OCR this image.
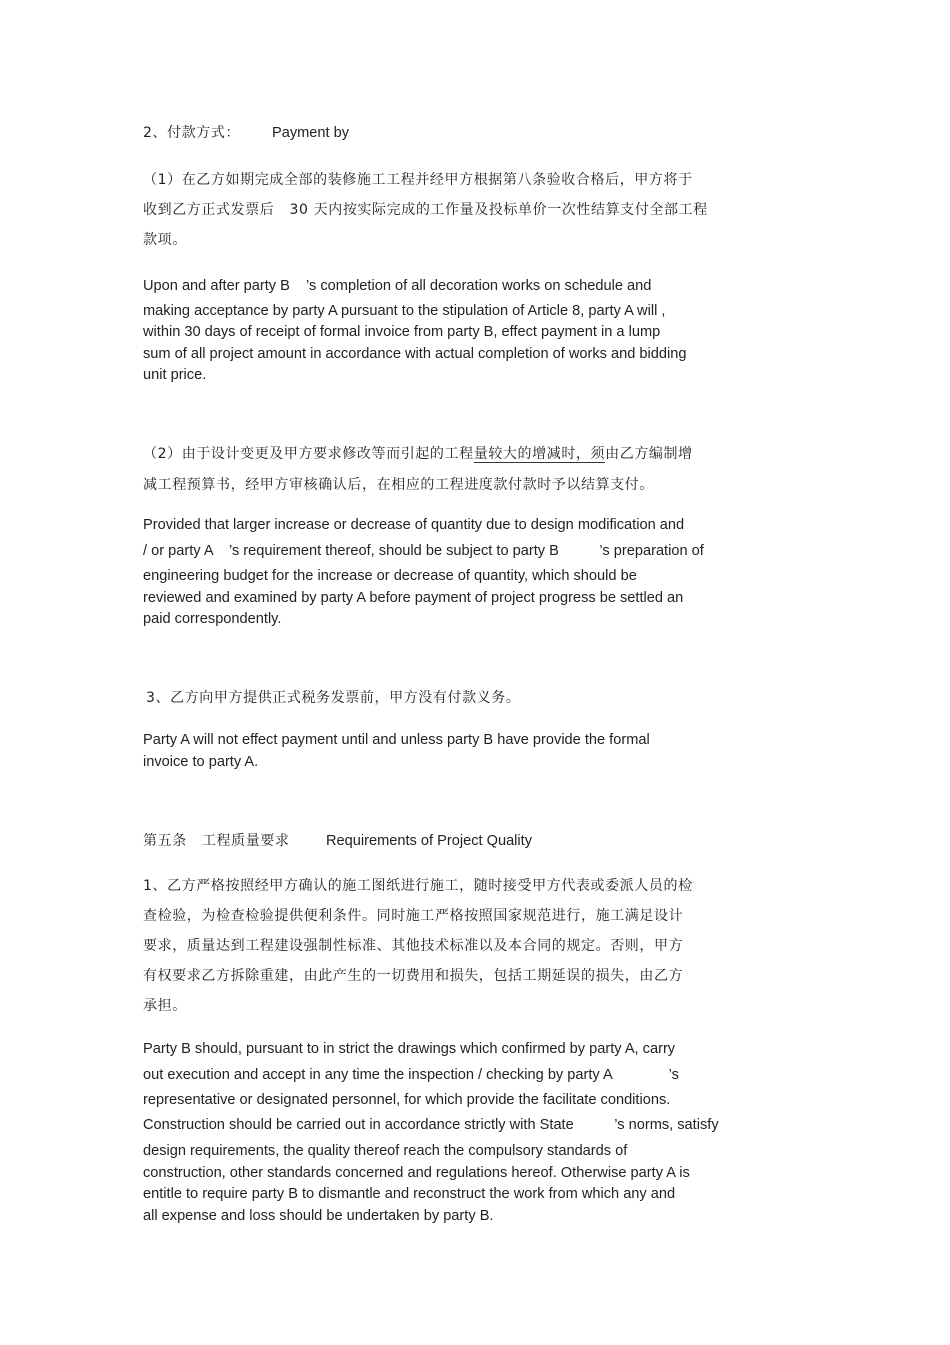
2、付款方式： Payment by
（1）在乙方如期完成全部的装修施工工程并经甲方根据第八条验收合格后，甲方将于
收到乙方正式发票后   30 天内按实际完成的工作量及投标单价一次性结算支付全部工程
款项。
Upon and after party B    ’s completion of all decoration works on schedule and
making acceptance by party A pursuant to the stipulation of Article 8, party A will ,
within 30 days of receipt of formal invoice from party B, effect payment in a lump
sum of all project amount in accordance with actual completion of works and bidding
unit price.
（2）由于设计变更及甲方要求修改等而引起的工程量较大的增减时，须由乙方编制增
减工程预算书，经甲方审核确认后，在相应的工程进度款付款时予以结算支付。
Provided that larger increase or decrease of quantity due to design modification and
/ or party A    ’s requirement thereof, should be subject to party B          ’s preparation of
engineering budget for the increase or decrease of quantity, which should be
reviewed and examined by party A before payment of project progress be settled an
paid correspondently.
3、乙方向甲方提供正式税务发票前，甲方没有付款义务。
Party A will not effect payment until and unless party B have provide the formal
invoice to party A.
第五条   工程质量要求 Requirements of Project Quality
1、乙方严格按照经甲方确认的施工图纸进行施工，随时接受甲方代表或委派人员的检
查检验，为检查检验提供便利条件。同时施工严格按照国家规范进行，施工满足设计
要求，质量达到工程建设强制性标准、其他技术标准以及本合同的规定。否则，甲方
有权要求乙方拆除重建，由此产生的一切费用和损失，包括工期延误的损失，由乙方
承担。
Party B should, pursuant to in strict the drawings which confirmed by party A, carry
out execution and accept in any time the inspection / checking by party A              ’s
representative or designated personnel, for which provide the facilitate conditions.
Construction should be carried out in accordance strictly with State          ’s norms, satisfy
design requirements, the quality thereof reach the compulsory standards of
construction, other standards concerned and regulations hereof. Otherwise party A is
entitle to require party B to dismantle and reconstruct the work from which any and
all expense and loss should be undertaken by party B.
